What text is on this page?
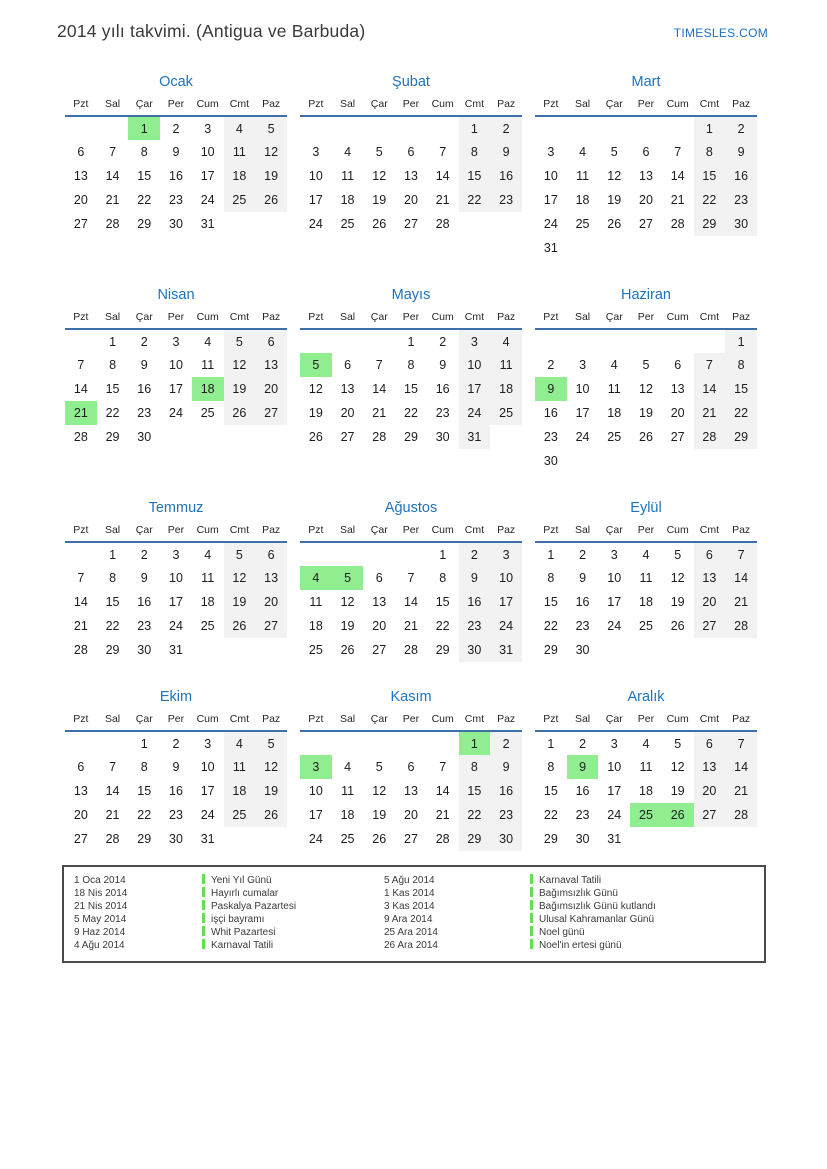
2014 yılı takvimi. (Antigua ve Barbuda)	TIMESLES.COM
Ocak
Pzt	Sal	Çar	Per	Cum	Cmt	Paz
		1	2	3	4	5
6	7	8	9	10	11	12
13	14	15	16	17	18	19
20	21	22	23	24	25	26
27	28	29	30	31		
Şubat
Pzt	Sal	Çar	Per	Cum	Cmt	Paz
					1	2
3	4	5	6	7	8	9
10	11	12	13	14	15	16
17	18	19	20	21	22	23
24	25	26	27	28		
Mart
Pzt	Sal	Çar	Per	Cum	Cmt	Paz
					1	2
3	4	5	6	7	8	9
10	11	12	13	14	15	16
17	18	19	20	21	22	23
24	25	26	27	28	29	30
31						
Nisan
Pzt	Sal	Çar	Per	Cum	Cmt	Paz
	1	2	3	4	5	6
7	8	9	10	11	12	13
14	15	16	17	18	19	20
21	22	23	24	25	26	27
28	29	30				
Mayıs
Pzt	Sal	Çar	Per	Cum	Cmt	Paz
			1	2	3	4
5	6	7	8	9	10	11
12	13	14	15	16	17	18
19	20	21	22	23	24	25
26	27	28	29	30	31	
Haziran
Pzt	Sal	Çar	Per	Cum	Cmt	Paz
						1
2	3	4	5	6	7	8
9	10	11	12	13	14	15
16	17	18	19	20	21	22
23	24	25	26	27	28	29
30						
Temmuz
Pzt	Sal	Çar	Per	Cum	Cmt	Paz
	1	2	3	4	5	6
7	8	9	10	11	12	13
14	15	16	17	18	19	20
21	22	23	24	25	26	27
28	29	30	31			
Ağustos
Pzt	Sal	Çar	Per	Cum	Cmt	Paz
				1	2	3
4	5	6	7	8	9	10
11	12	13	14	15	16	17
18	19	20	21	22	23	24
25	26	27	28	29	30	31
Eylül
Pzt	Sal	Çar	Per	Cum	Cmt	Paz
1	2	3	4	5	6	7
8	9	10	11	12	13	14
15	16	17	18	19	20	21
22	23	24	25	26	27	28
29	30					
Ekim
Pzt	Sal	Çar	Per	Cum	Cmt	Paz
		1	2	3	4	5
6	7	8	9	10	11	12
13	14	15	16	17	18	19
20	21	22	23	24	25	26
27	28	29	30	31		
Kasım
Pzt	Sal	Çar	Per	Cum	Cmt	Paz
					1	2
3	4	5	6	7	8	9
10	11	12	13	14	15	16
17	18	19	20	21	22	23
24	25	26	27	28	29	30
Aralık
Pzt	Sal	Çar	Per	Cum	Cmt	Paz
1	2	3	4	5	6	7
8	9	10	11	12	13	14
15	16	17	18	19	20	21
22	23	24	25	26	27	28
29	30	31				
1 Oca 2014	Yeni Yıl Günü	5 Ağu 2014	Karnaval Tatili
18 Nis 2014	Hayırlı cumalar	1 Kas 2014	Bağımsızlık Günü
21 Nis 2014	Paskalya Pazartesi	3 Kas 2014	Bağımsızlık Günü kutlandı
5 May 2014	işçi bayramı	9 Ara 2014	Ulusal Kahramanlar Günü
9 Haz 2014	Whit Pazartesi	25 Ara 2014	Noel günü
4 Ağu 2014	Karnaval Tatili	26 Ara 2014	Noel'in ertesi günü
